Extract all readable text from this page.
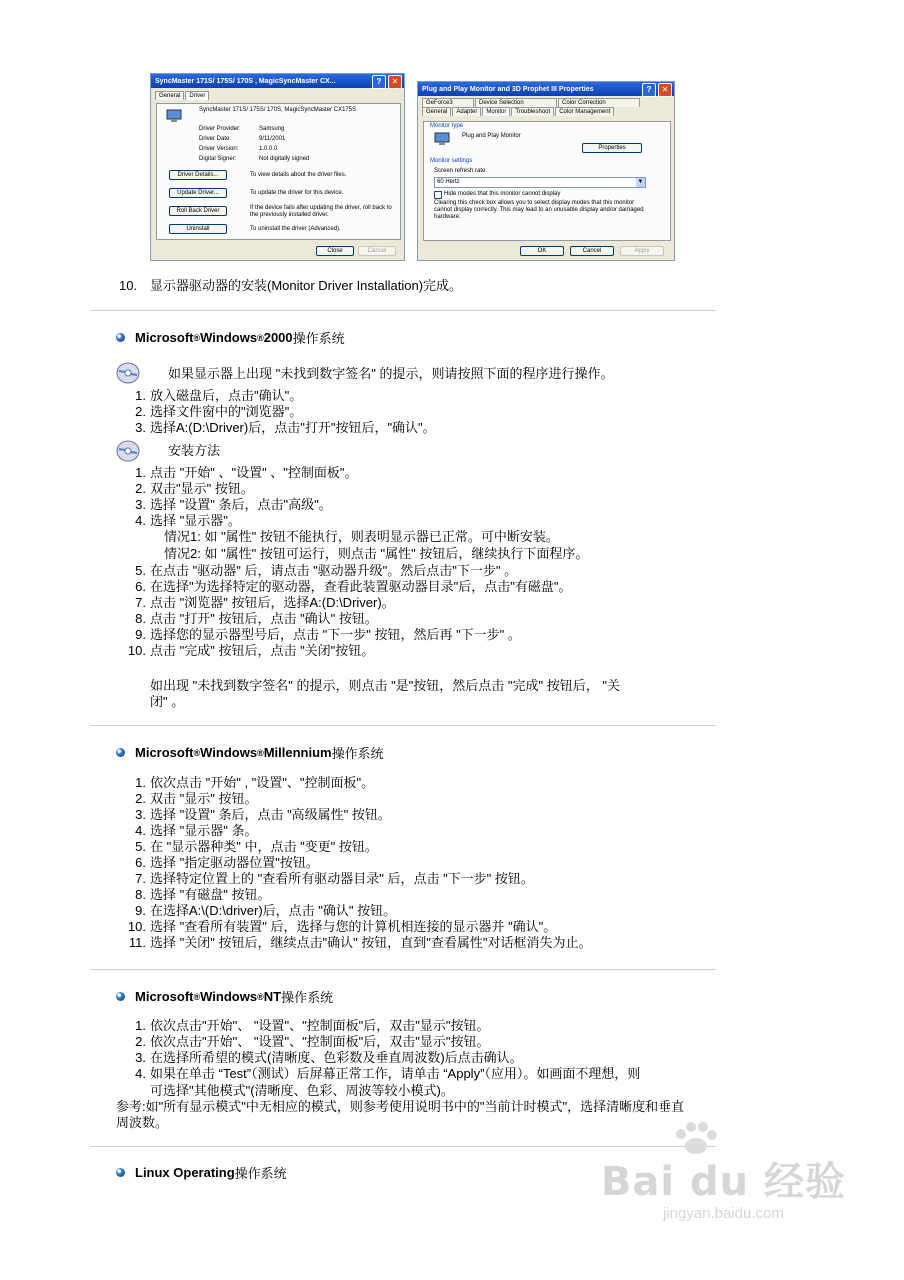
SyncMaster 171S/ 175S/ 170S , MagicSyncMaster CX...	?	✕
General	Driver
SyncMaster 171S/ 175S/ 170S, MagicSyncMaster CX175S
Driver Provider:	Samsung
Driver Date:	9/11/2001
Driver Version:	1.0.0.0
Digital Signer:	Not digitally signed
Driver Details...	To view details about the driver files.
Update Driver...	To update the driver for this device.
Roll Back Driver	If the device fails after updating the driver, roll back to the previously installed driver.
Uninstall	To uninstall the driver (Advanced).
Close	Cancel
Plug and Play Monitor and 3D Prophet III Properties	?	✕
GeForce3	Device Selection	Color Correction
General	Adapter	Monitor	Troubleshoot	Color Management
Monitor type
Plug and Play Monitor
Properties
Monitor settings
Screen refresh rate:
60 Hertz	▼
Hide modes that this monitor cannot display
Clearing this check box allows you to select display modes that this monitor cannot display correctly. This may lead to an unusable display and/or damaged hardware.
OK	Cancel	Apply
10. 显示器驱动器的安装(Monitor Driver Installation)完成。
Microsoft ® Windows ® 2000 操作系统
如果显示器上出现 "未找到数字签名" 的提示，则请按照下面的程序进行操作。
1. 放入磁盘后，点击"确认"。
2. 选择文件窗中的"浏览器"。
3. 选择A:(D:\Driver)后，点击"打开"按钮后，"确认"。
安装方法
1. 点击 "开始" 、"设置" 、"控制面板"。
2. 双击"显示" 按钮。
3. 选择 "设置" 条后，点击"高级"。
4. 选择 "显示器"。
情况1: 如 "属性" 按钮不能执行，则表明显示器已正常。可中断安装。
情况2: 如 "属性" 按钮可运行，则点击 "属性" 按钮后，继续执行下面程序。
5. 在点击 "驱动器" 后，请点击 "驱动器升级"。然后点击"下一步" 。
6. 在选择"为选择特定的驱动器，查看此装置驱动器目录"后，点击"有磁盘"。
7. 点击 "浏览器" 按钮后，选择A:(D:\Driver)。
8. 点击 "打开" 按钮后，点击 "确认" 按钮。
9. 选择您的显示器型号后，点击 "下一步" 按钮，然后再 "下一步" 。
10. 点击 "完成" 按钮后，点击 "关闭"按钮。
如出现 "未找到数字签名" 的提示，则点击 "是"按钮，然后点击 "完成" 按钮后， "关
闭" 。
Microsoft ® Windows ® Millennium 操作系统
1. 依次点击 "开始" , "设置"、"控制面板"。
2. 双击 "显示" 按钮。
3. 选择 "设置" 条后，点击 "高级属性" 按钮。
4. 选择 "显示器" 条。
5. 在 "显示器种类" 中，点击 "变更" 按钮。
6. 选择 "指定驱动器位置"按钮。
7. 选择特定位置上的 "查看所有驱动器目录" 后，点击 "下一步" 按钮。
8. 选择 "有磁盘" 按钮。
9. 在选择A:\(D:\driver)后，点击 "确认" 按钮。
10. 选择 "查看所有装置" 后，选择与您的计算机相连接的显示器并 "确认"。
11. 选择 "关闭" 按钮后，继续点击"确认" 按钮，直到"查看属性"对话框消失为止。
Microsoft ® Windows ® NT 操作系统
1. 依次点击"开始"、 "设置"、"控制面板"后，双击"显示"按钮。
2. 依次点击"开始"、 "设置"、"控制面板"后，双击"显示"按钮。
3. 在选择所希望的模式(清晰度、色彩数及垂直周波数)后点击确认。
4. 如果在单击 “Test”（测试）后屏幕正常工作，请单击 “Apply”（应用）。如画面不理想，则
可选择"其他模式"(清晰度、色彩、周波等较小模式)。
参考:如"所有显示模式"中无相应的模式，则参考使用说明书中的"当前计时模式"，选择清晰度和垂直
周波数。
Linux Operating 操作系统	Bai du 经验
jingyan.baidu.com
